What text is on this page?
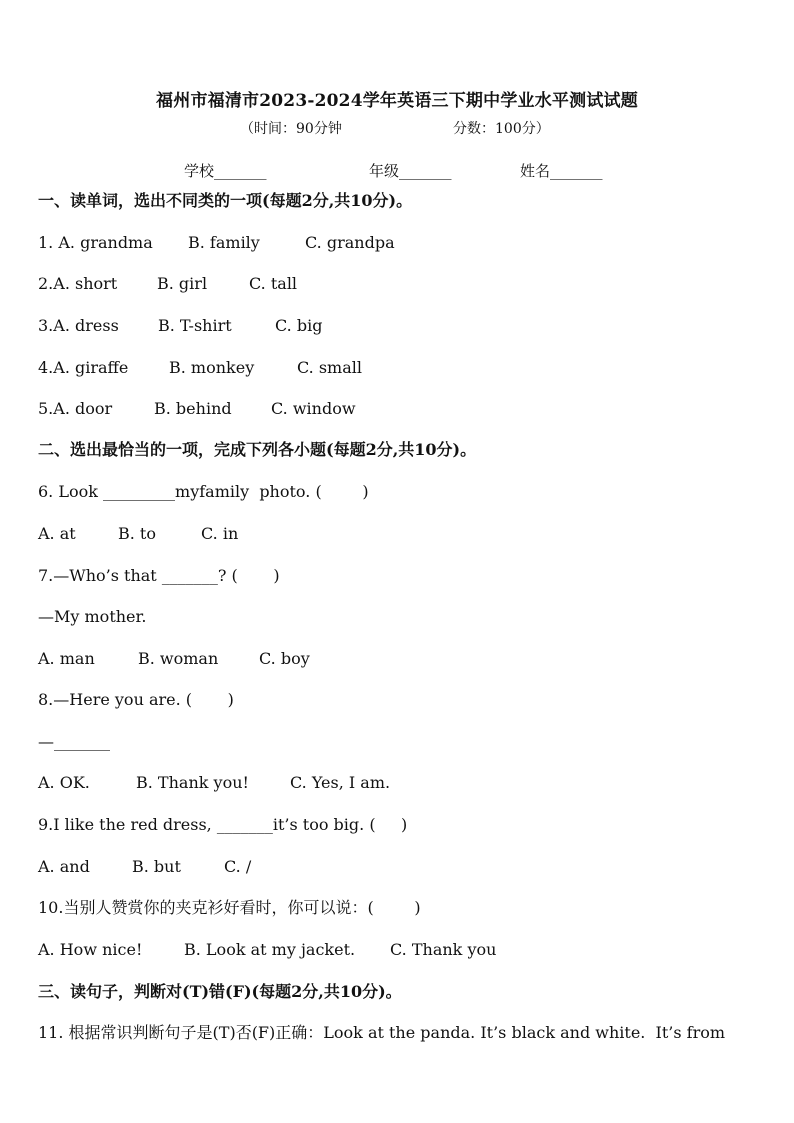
福州市福清市2023-2024学年英语三下期中学业水平测试试题
（时间：90分钟	分数：100分）
学校_______	年级_______	姓名_______
一、读单词，选出不同类的一项(每题2分,共10分)。
1. A. grandma B. family	C. grandpa
2.A. short B. girl	C. tall
3.A. dress B. T-shirt	C. big
4.A. giraffe	B. monkey	C. small
5.A. door	B. behind C. window
二、选出最恰当的一项，完成下列各小题(每题2分,共10分)。
6. Look _________myfamily  photo. (        )
A. at	B. to	C. in
7.—Who’s that _______? (       )
—My mother.
A. man	B. woman	C. boy
8.—Here you are. (       )
—_______
A. OK.	B. Thank you!	C. Yes, I am.
9.I like the red dress, _______it’s too big. (     )
A. and	B. but	C. /
10.当别人赞赏你的夹克衫好看时，你可以说：(        )
A. How nice!	B. Look at my jacket. C. Thank you
三、读句子，判断对(T)错(F)(每题2分,共10分)。
11. 根据常识判断句子是(T)否(F)正确：Look at the panda. It’s black and white.  It’s from
